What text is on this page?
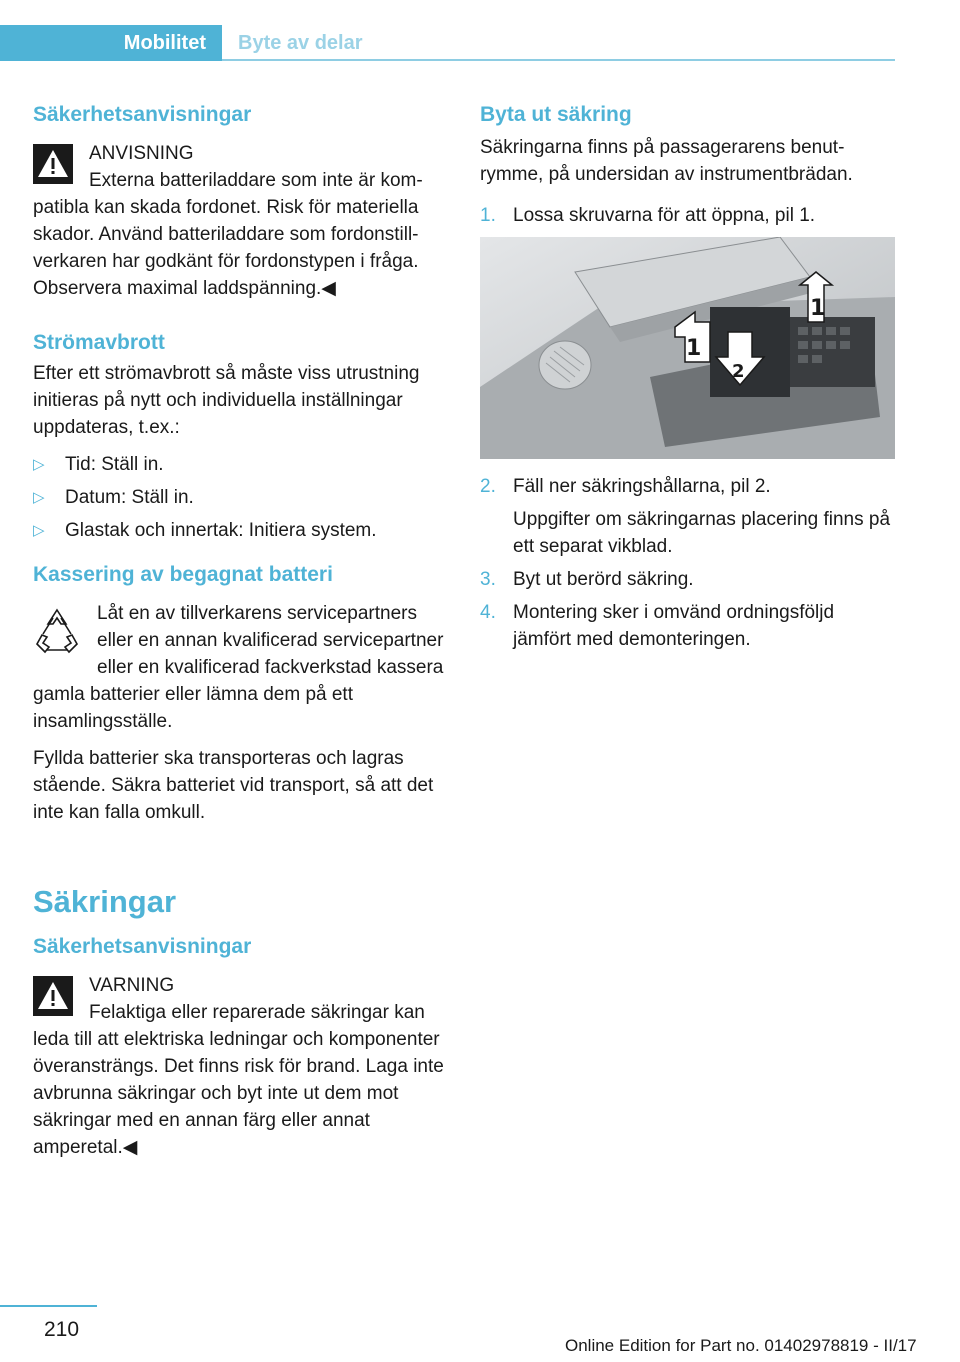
Mobilitet Byte av delar
Säkerhetsanvisningar

ANVISNING

Externa batteriladdare som inte är kompatibla kan skada fordonet. Risk för materiella skador. Använd batteriladdare som fordonstillverkaren har godkänt för fordonstypen i fråga. Observera maximal laddspänning.◀

Strömavbrott

Efter ett strömavbrott så måste viss utrustning initieras på nytt och individuella inställningar uppdateras, t.ex.:

▷	Tid: Ställ in.
▷	Datum: Ställ in.
▷	Glastak och innertak: Initiera system.
Kassering av begagnat batteri

Låt en av tillverkarens servicepartners eller en annan kvalificerad servicepartner eller en kvalificerad fackverkstad kassera gamla batterier eller lämna dem på ett insamlingsställe.

Fyllda batterier ska transporteras och lagras stående. Säkra batteriet vid transport, så att det inte kan falla omkull.

Säkringar
Säkerhetsanvisningar

VARNING

Felaktiga eller reparerade säkringar kan leda till att elektriska ledningar och komponenter överansträngs. Det finns risk för brand. Laga inte avbrunna säkringar och byt inte ut dem mot säkringar med en annan färg eller annat amperetal.◀

Byta ut säkring

Säkringarna finns på passagerarens benutrymme, på undersidan av instrumentbrädan.

1. Lossa skruvarna för att öppna, pil 1.
1
1
2
2. Fäll ner säkringshållarna, pil 2.
Uppgifter om säkringarnas placering finns på ett separat vikblad.
3. Byt ut berörd säkring.
4. Montering sker i omvänd ordningsföljd jämfört med demonteringen.
210
Online Edition for Part no. 01402978819 - II/17
